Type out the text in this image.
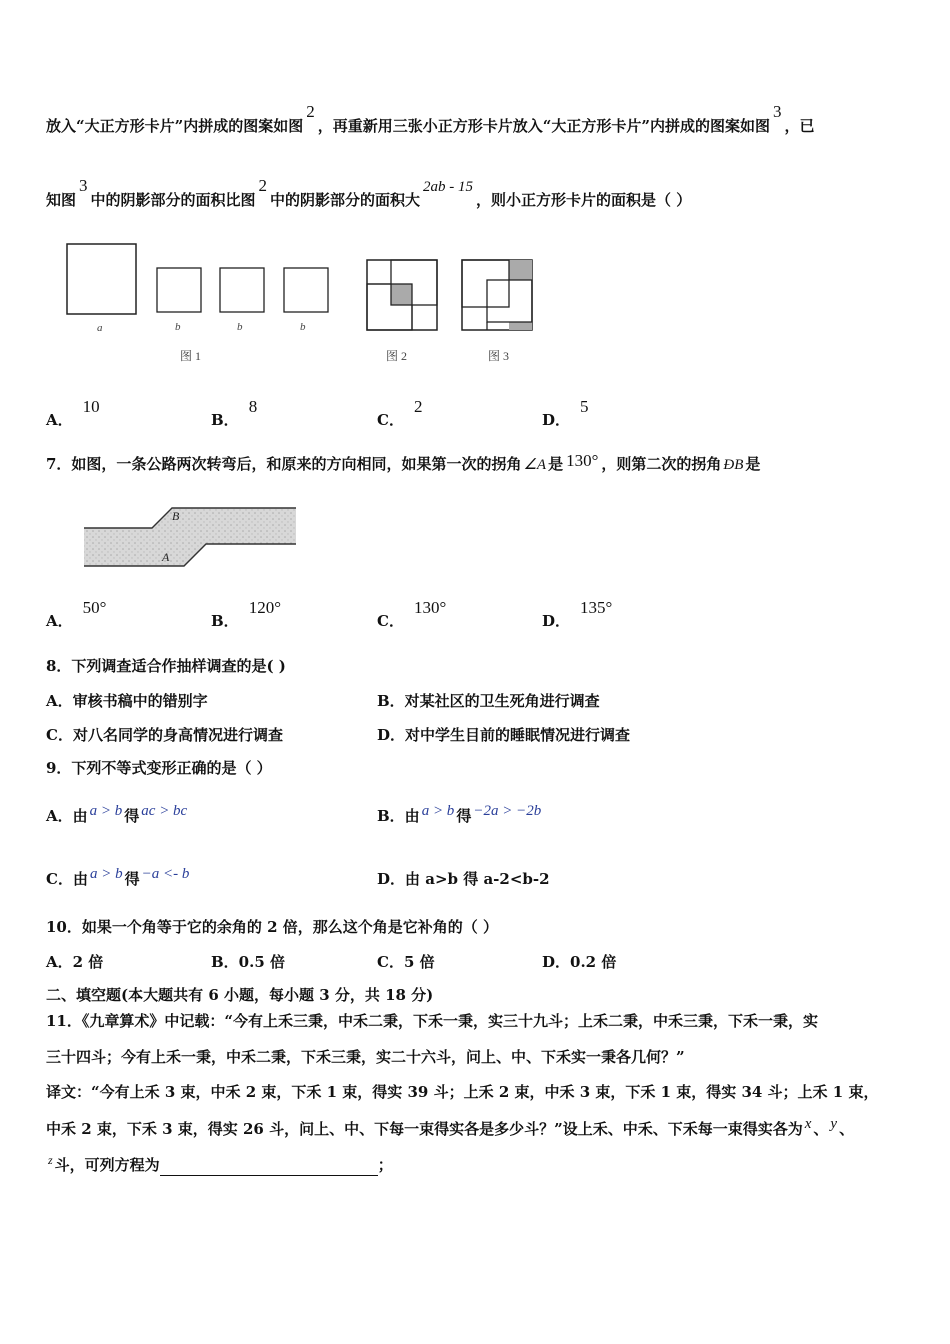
放入“大正方形卡片”内拼成的图案如图2，再重新用三张小正方形卡片放入“大正方形卡片”内拼成的图案如图3，已
知图3中的阴影部分的面积比图2中的阴影部分的面积大2ab - 15，则小正方形卡片的面积是（ ）
a	b	b	b
图 1	图 2	图 3
A．10
B．8
C．2
D．5
7．如图，一条公路两次转弯后，和原来的方向相同，如果第一次的拐角 ∠A 是 130° ，则第二次的拐角 ÐB 是
B
A
A．50°
B．120°
C．130°
D．135°
8．下列调查适合作抽样调查的是( )
A．审核书稿中的错别字	B．对某社区的卫生死角进行调查
C．对八名同学的身高情况进行调查	D．对中学生目前的睡眠情况进行调查
9．下列不等式变形正确的是（ ）
A．由 a > b 得 ac > bc	B．由 a > b 得 −2a > −2b
C．由 a > b 得 −a <- b	D．由 a>b 得 a-2<b-2
10．如果一个角等于它的余角的 2 倍，那么这个角是它补角的（ ）
A．2 倍	B．0.5 倍	C．5 倍	D．0.2 倍
二、填空题(本大题共有 6 小题，每小题 3 分，共 18 分)
11．《九章算术》中记载：“今有上禾三秉，中禾二秉，下禾一秉，实三十九斗；上禾二秉，中禾三秉，下禾一秉，实
三十四斗；今有上禾一秉，中禾二秉，下禾三秉，实二十六斗，问上、中、下禾实一秉各几何？”
译文：“今有上禾 3 束，中禾 2 束，下禾 1 束，得实 39 斗；上禾 2 束，中禾 3 束，下禾 1 束，得实 34 斗；上禾 1 束，
中禾 2 束，下禾 3 束，得实 26 斗，问上、中、下每一束得实各是多少斗？”设上禾、中禾、下禾每一束得实各为 x 、 y 、
$^z$ 斗，可列方程为	；
